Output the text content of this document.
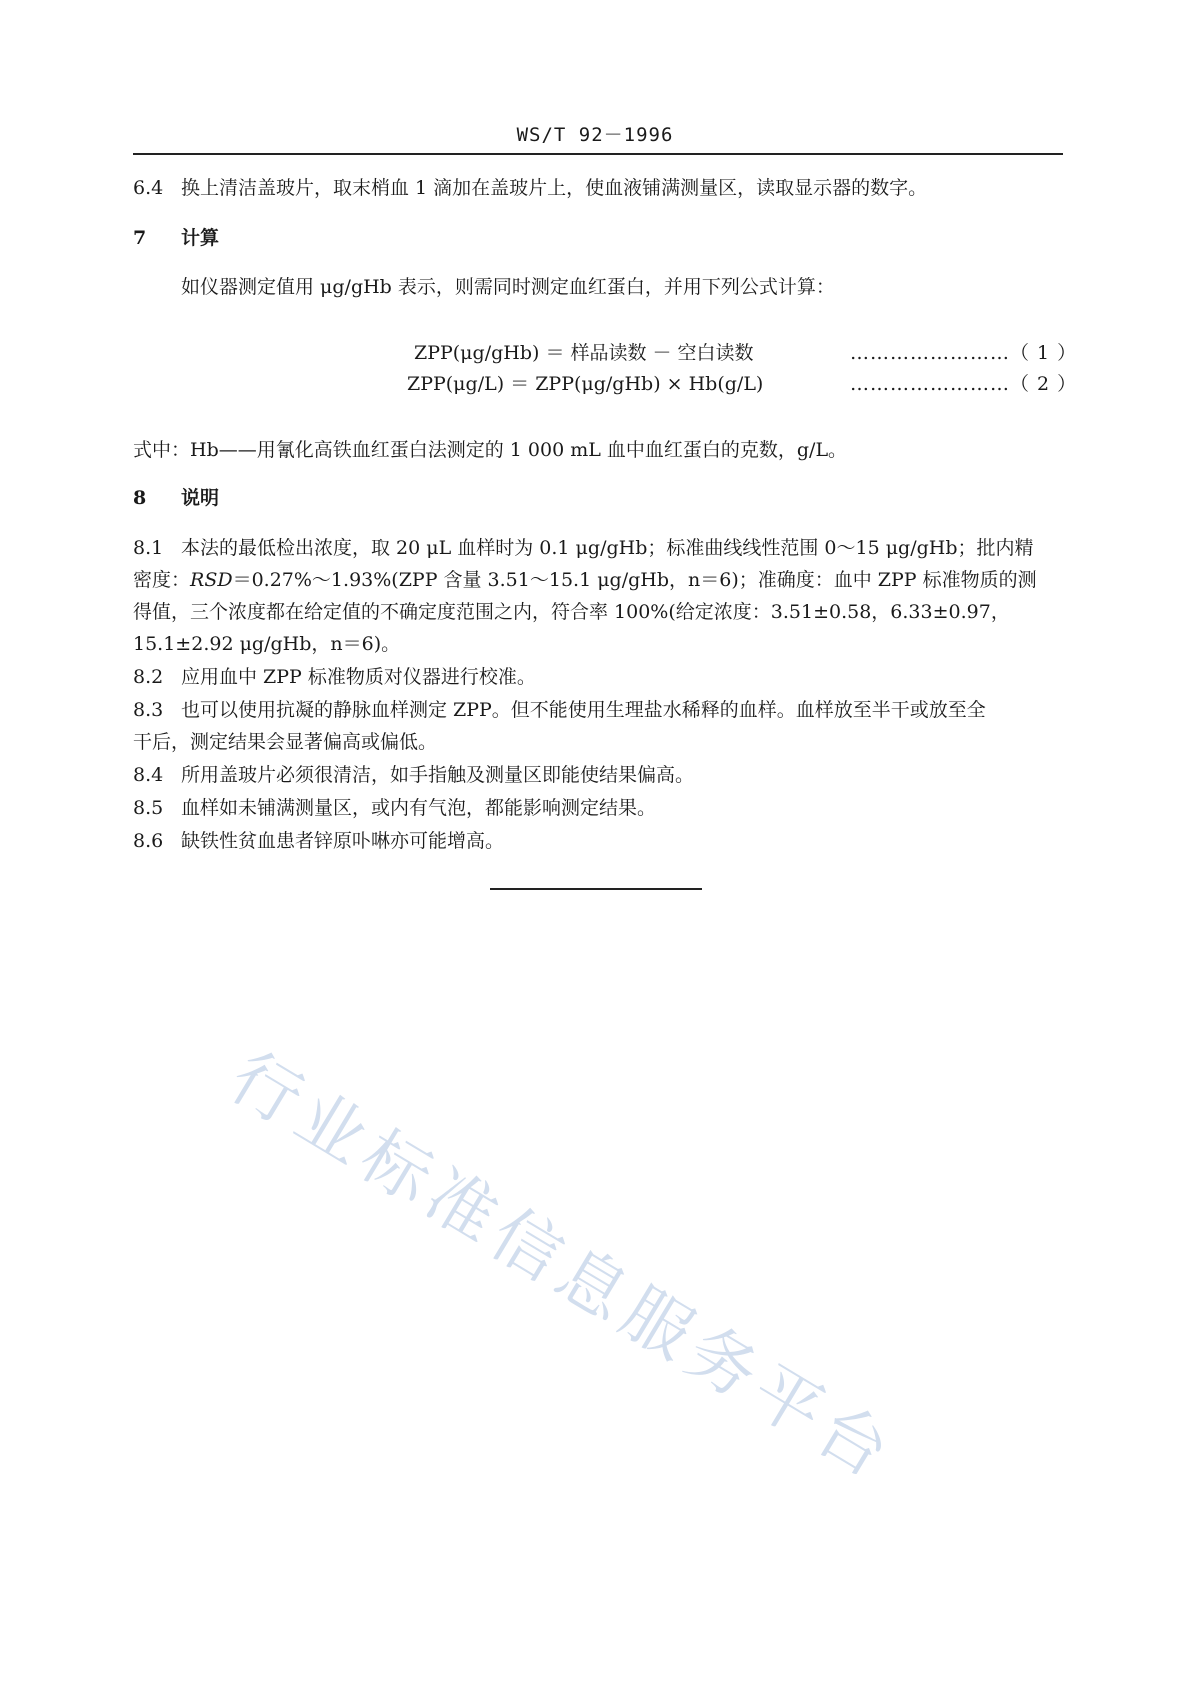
WS/T 92－1996
6.4 换上清洁盖玻片，取末梢血 1 滴加在盖玻片上，使血液铺满测量区，读取显示器的数字。
7 计算
如仪器测定值用 μg/gHb 表示，则需同时测定血红蛋白，并用下列公式计算：
ZPP(μg/gHb) ＝ 样品读数 － 空白读数	……………………（ 1 ）
ZPP(μg/L) ＝ ZPP(μg/gHb) × Hb(g/L)	……………………（ 2 ）
式中：Hb——用氰化高铁血红蛋白法测定的 1 000 mL 血中血红蛋白的克数，g/L。
8 说明
8.1 本法的最低检出浓度，取 20 μL 血样时为 0.1 μg/gHb；标准曲线线性范围 0～15 μg/gHb；批内精
密度：RSD＝0.27%～1.93%(ZPP 含量 3.51～15.1 μg/gHb，n＝6)；准确度：血中 ZPP 标准物质的测
得值，三个浓度都在给定值的不确定度范围之内，符合率 100%(给定浓度：3.51±0.58，6.33±0.97，
15.1±2.92 μg/gHb，n＝6)。
8.2 应用血中 ZPP 标准物质对仪器进行校准。
8.3 也可以使用抗凝的静脉血样测定 ZPP。但不能使用生理盐水稀释的血样。血样放至半干或放至全
干后，测定结果会显著偏高或偏低。
8.4 所用盖玻片必须很清洁，如手指触及测量区即能使结果偏高。
8.5 血样如未铺满测量区，或内有气泡，都能影响测定结果。
8.6 缺铁性贫血患者锌原卟啉亦可能增高。
行业标准信息服务平台
